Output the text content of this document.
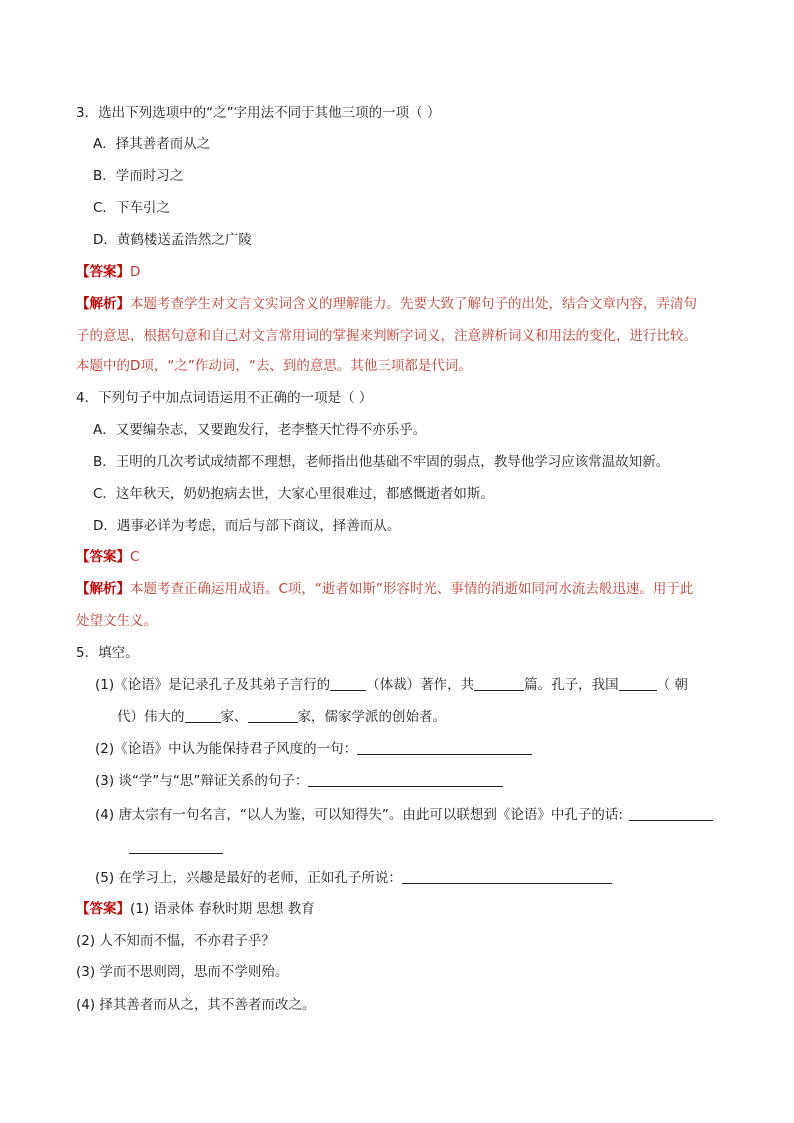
3．选出下列选项中的“之”字用法不同于其他三项的一项（ ）
A．择其善者而从之
B．学而时习之
C．下车引之
D．黄鹤楼送孟浩然之广陵
【答案】D
【解析】本题考查学生对文言文实词含义的理解能力。先要大致了解句子的出处，结合文章内容，弄清句
子的意思，根据句意和自己对文言常用词的掌握来判断字词义，注意辨析词义和用法的变化，进行比较。
本题中的D项，“之”作动词，“去、到的意思。其他三项都是代词。
4．下列句子中加点词语运用不正确的一项是（ ）
A．又要编杂志，又要跑发行，老李整天忙得不亦乐乎。
B．王明的几次考试成绩都不理想，老师指出他基础不牢固的弱点，教导他学习应该常温故知新。
C．这年秋天，奶奶抱病去世，大家心里很难过，都感慨逝者如斯。
D．遇事必详为考虑，而后与部下商议，择善而从。
【答案】C
【解析】本题考查正确运用成语。C项，“逝者如斯”形容时光、事情的消逝如同河水流去般迅速。用于此
处望文生义。
5．填空。
(1)《论语》是记录孔子及其弟子言行的	（体裁）著作，共	篇。孔子，我国	（ 朝
代）伟大的	家、	家，儒家学派的创始者。
(2)《论语》中认为能保持君子风度的一句：
(3) 谈“学”与“思”辩证关系的句子：
(4) 唐太宗有一句名言，“以人为鉴，可以知得失”。由此可以联想到《论语》中孔子的话:
(5) 在学习上，兴趣是最好的老师，正如孔子所说：
【答案】(1) 语录体 春秋时期 思想 教育
(2) 人不知而不愠，不亦君子乎？
(3) 学而不思则罔，思而不学则殆。
(4) 择其善者而从之，其不善者而改之。
